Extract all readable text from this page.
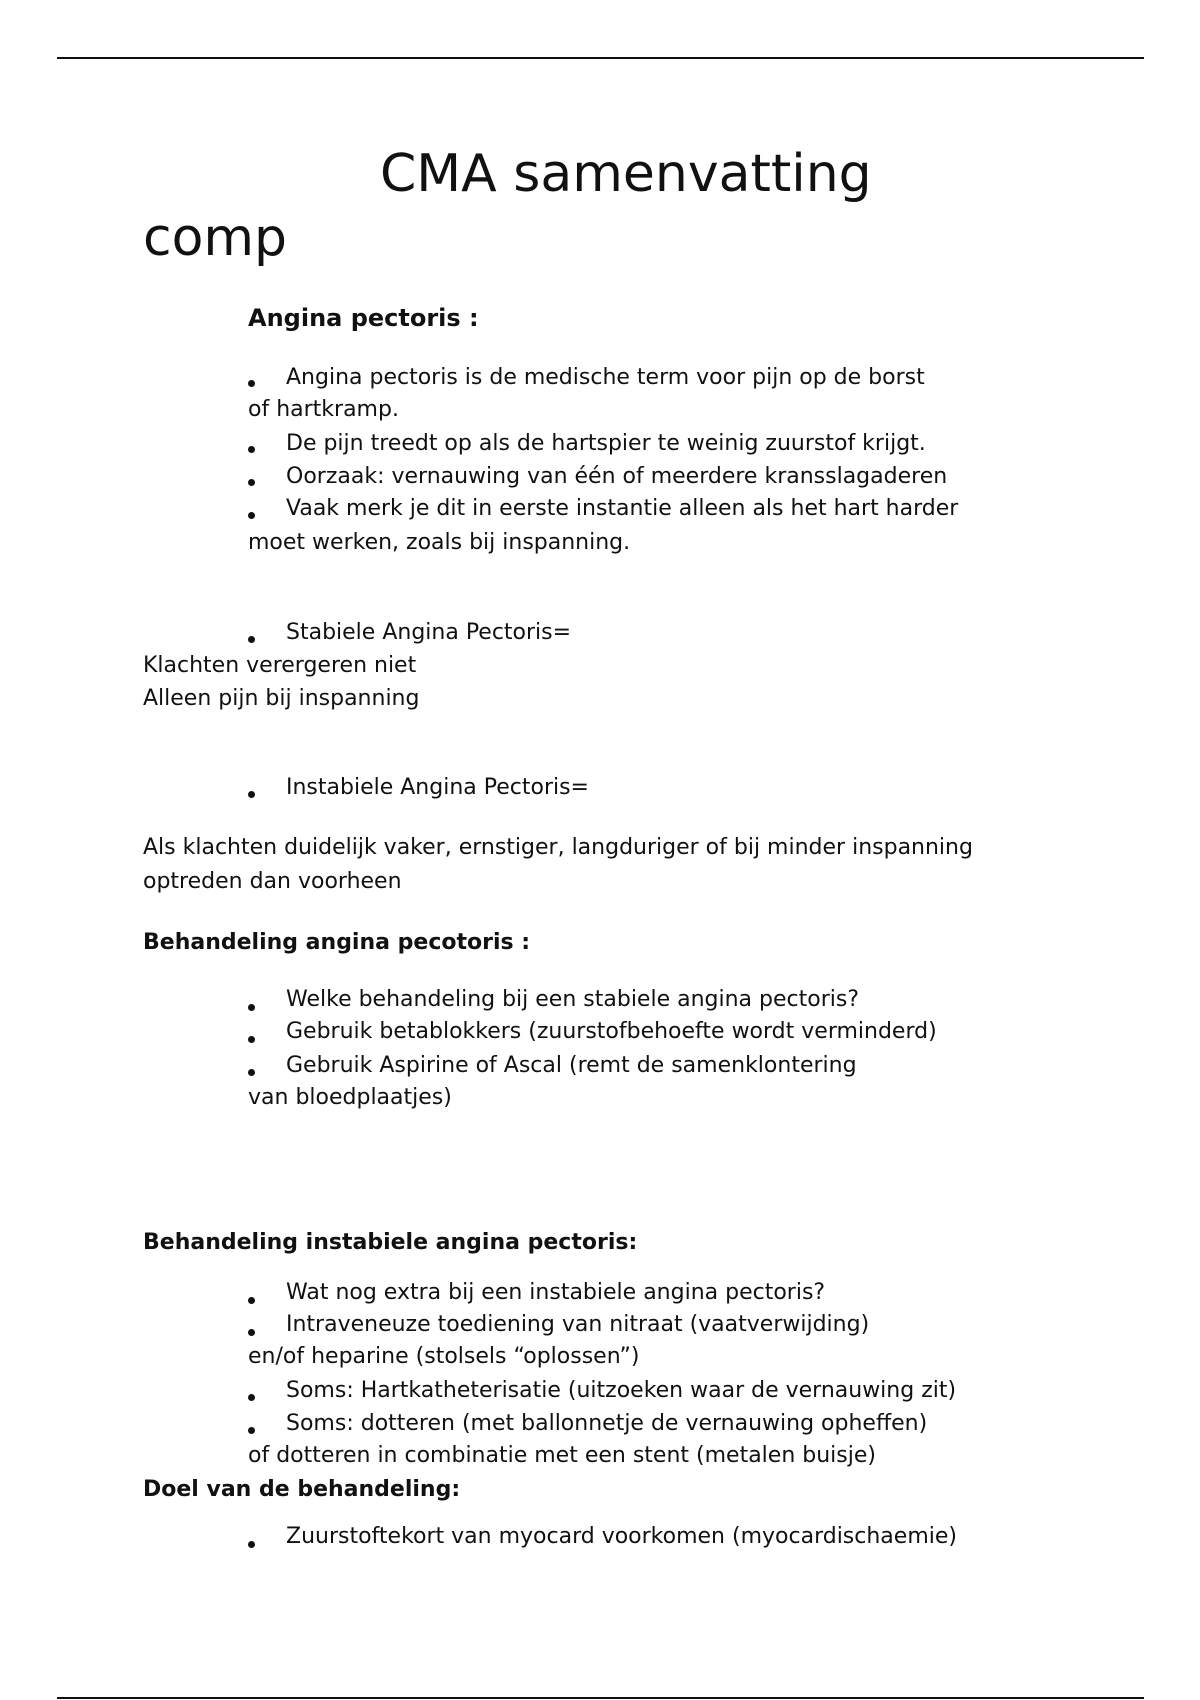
CMA samenvatting
comp
Angina pectoris :
Angina pectoris is de medische term voor pijn op de borst
of hartkramp.
De pijn treedt op als de hartspier te weinig zuurstof krijgt.
Oorzaak: vernauwing van één of meerdere kransslagaderen
Vaak merk je dit in eerste instantie alleen als het hart harder
moet werken, zoals bij inspanning.
Stabiele Angina Pectoris=
Klachten verergeren niet
Alleen pijn bij inspanning
Instabiele Angina Pectoris=
Als klachten duidelijk vaker, ernstiger, langduriger of bij minder inspanning
optreden dan voorheen
Behandeling angina pecotoris :
Welke behandeling bij een stabiele angina pectoris?
Gebruik betablokkers (zuurstofbehoefte wordt verminderd)
Gebruik Aspirine of Ascal (remt de samenklontering
van bloedplaatjes)
Behandeling instabiele angina pectoris:
Wat nog extra bij een instabiele angina pectoris?
Intraveneuze toediening van nitraat (vaatverwijding)
en/of heparine (stolsels “oplossen”)
Soms: Hartkatheterisatie (uitzoeken waar de vernauwing zit)
Soms: dotteren (met ballonnetje de vernauwing opheffen)
of dotteren in combinatie met een stent (metalen buisje)
Doel van de behandeling:
Zuurstoftekort van myocard voorkomen (myocardischaemie)
